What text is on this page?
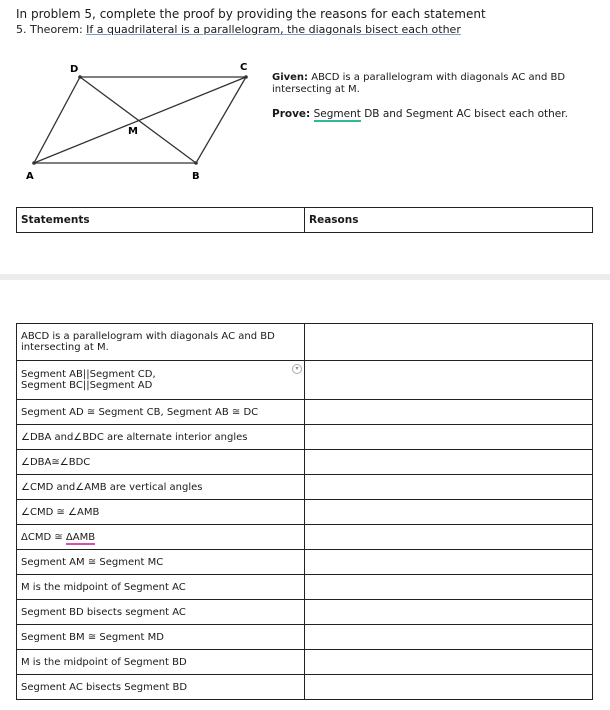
In problem 5, complete the proof by providing the reasons for each statement
5. Theorem: If a quadrilateral is a parallelogram, the diagonals bisect each other
A	B
C
D
M
Given: ABCD is a parallelogram with diagonals AC and BD intersecting at M.
Prove: Segment DB and Segment AC bisect each other.
Statements	Reasons
ABCD is a parallelogram with diagonals AC and BD intersecting at M.	
Segment AB||Segment CD,
Segment BC||Segment AD	
Segment AD ≅ Segment CB, Segment AB ≅ DC	
∠DBA and∠BDC are alternate interior angles	
∠DBA≅∠BDC	
∠CMD and∠AMB are vertical angles	
∠CMD ≅ ∠AMB	
ΔCMD ≅ ΔAMB	
Segment AM ≅ Segment MC	
M is the midpoint of Segment AC	
Segment BD bisects segment AC	
Segment BM ≅ Segment MD	
M is the midpoint of Segment BD	
Segment AC bisects Segment BD	
▾
